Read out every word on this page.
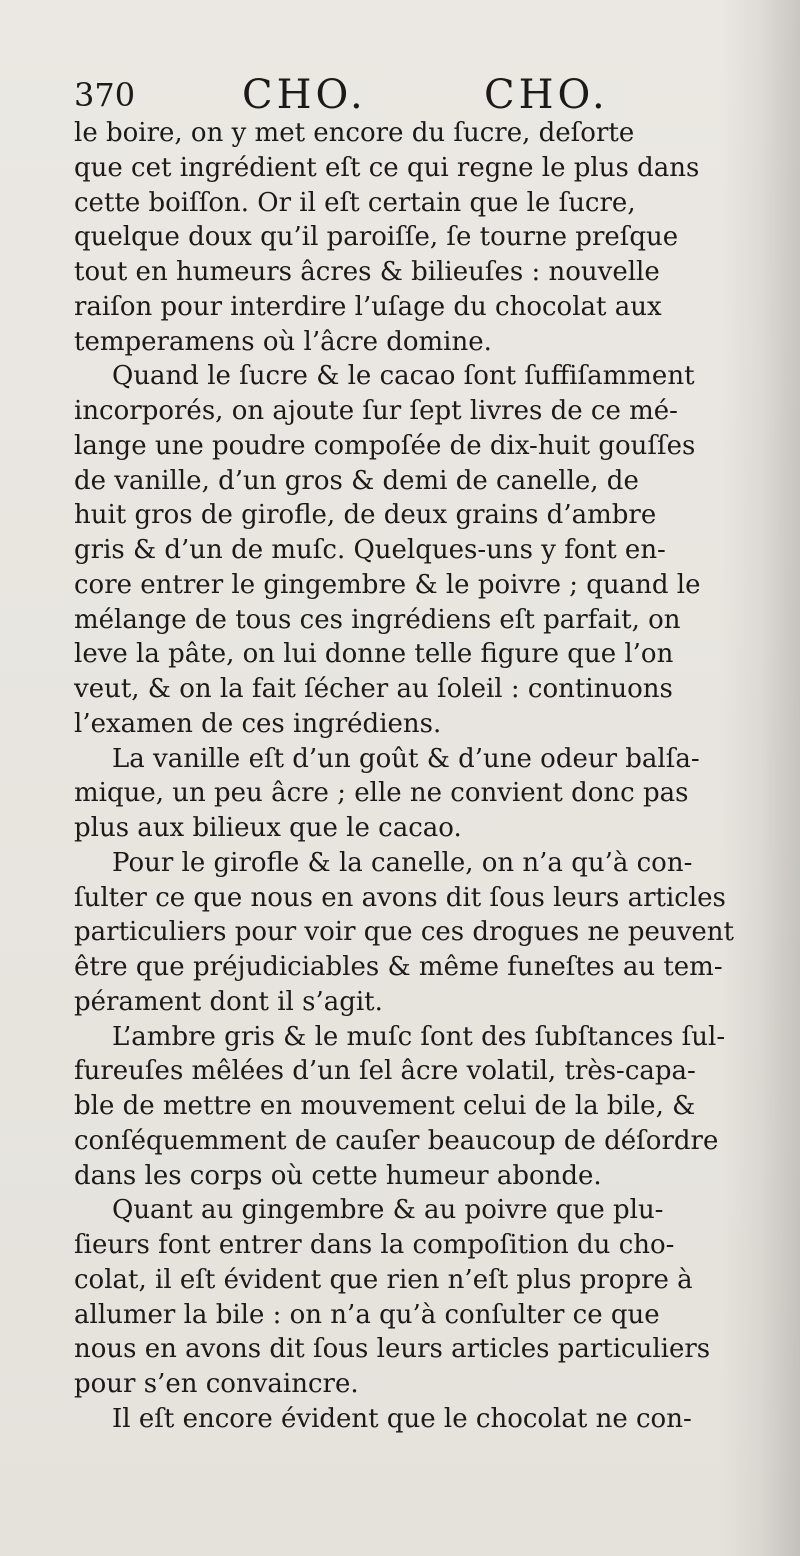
370	CHO.	CHO.
le boire, on y met encore du ſucre, deſorte
que cet ingrédient eſt ce qui regne le plus dans
cette boiſſon. Or il eſt certain que le ſucre,
quelque doux qu’il paroiſſe, ſe tourne preſque
tout en humeurs âcres & bilieuſes : nouvelle
raiſon pour interdire l’uſage du chocolat aux
temperamens où l’âcre domine.
Quand le ſucre & le cacao ſont ſuffiſamment
incorporés, on ajoute ſur ſept livres de ce mé-
lange une poudre compoſée de dix-huit gouſſes
de vanille, d’un gros & demi de canelle, de
huit gros de girofle, de deux grains d’ambre
gris & d’un de muſc. Quelques-uns y font en-
core entrer le gingembre & le poivre ; quand le
mélange de tous ces ingrédiens eſt parfait, on
leve la pâte, on lui donne telle figure que l’on
veut, & on la fait ſécher au ſoleil : continuons
l’examen de ces ingrédiens.
La vanille eſt d’un goût & d’une odeur balſa-
mique, un peu âcre ; elle ne convient donc pas
plus aux bilieux que le cacao.
Pour le girofle & la canelle, on n’a qu’à con-
ſulter ce que nous en avons dit ſous leurs articles
particuliers pour voir que ces drogues ne peuvent
être que préjudiciables & même funeſtes au tem-
pérament dont il s’agit.
L’ambre gris & le muſc ſont des ſubſtances ſul-
fureuſes mêlées d’un ſel âcre volatil, très-capa-
ble de mettre en mouvement celui de la bile, &
conſéquemment de cauſer beaucoup de déſordre
dans les corps où cette humeur abonde.
Quant au gingembre & au poivre que plu-
ſieurs font entrer dans la compoſition du cho-
colat, il eſt évident que rien n’eſt plus propre à
allumer la bile : on n’a qu’à conſulter ce que
nous en avons dit ſous leurs articles particuliers
pour s’en convaincre.
Il eſt encore évident que le chocolat ne con-
